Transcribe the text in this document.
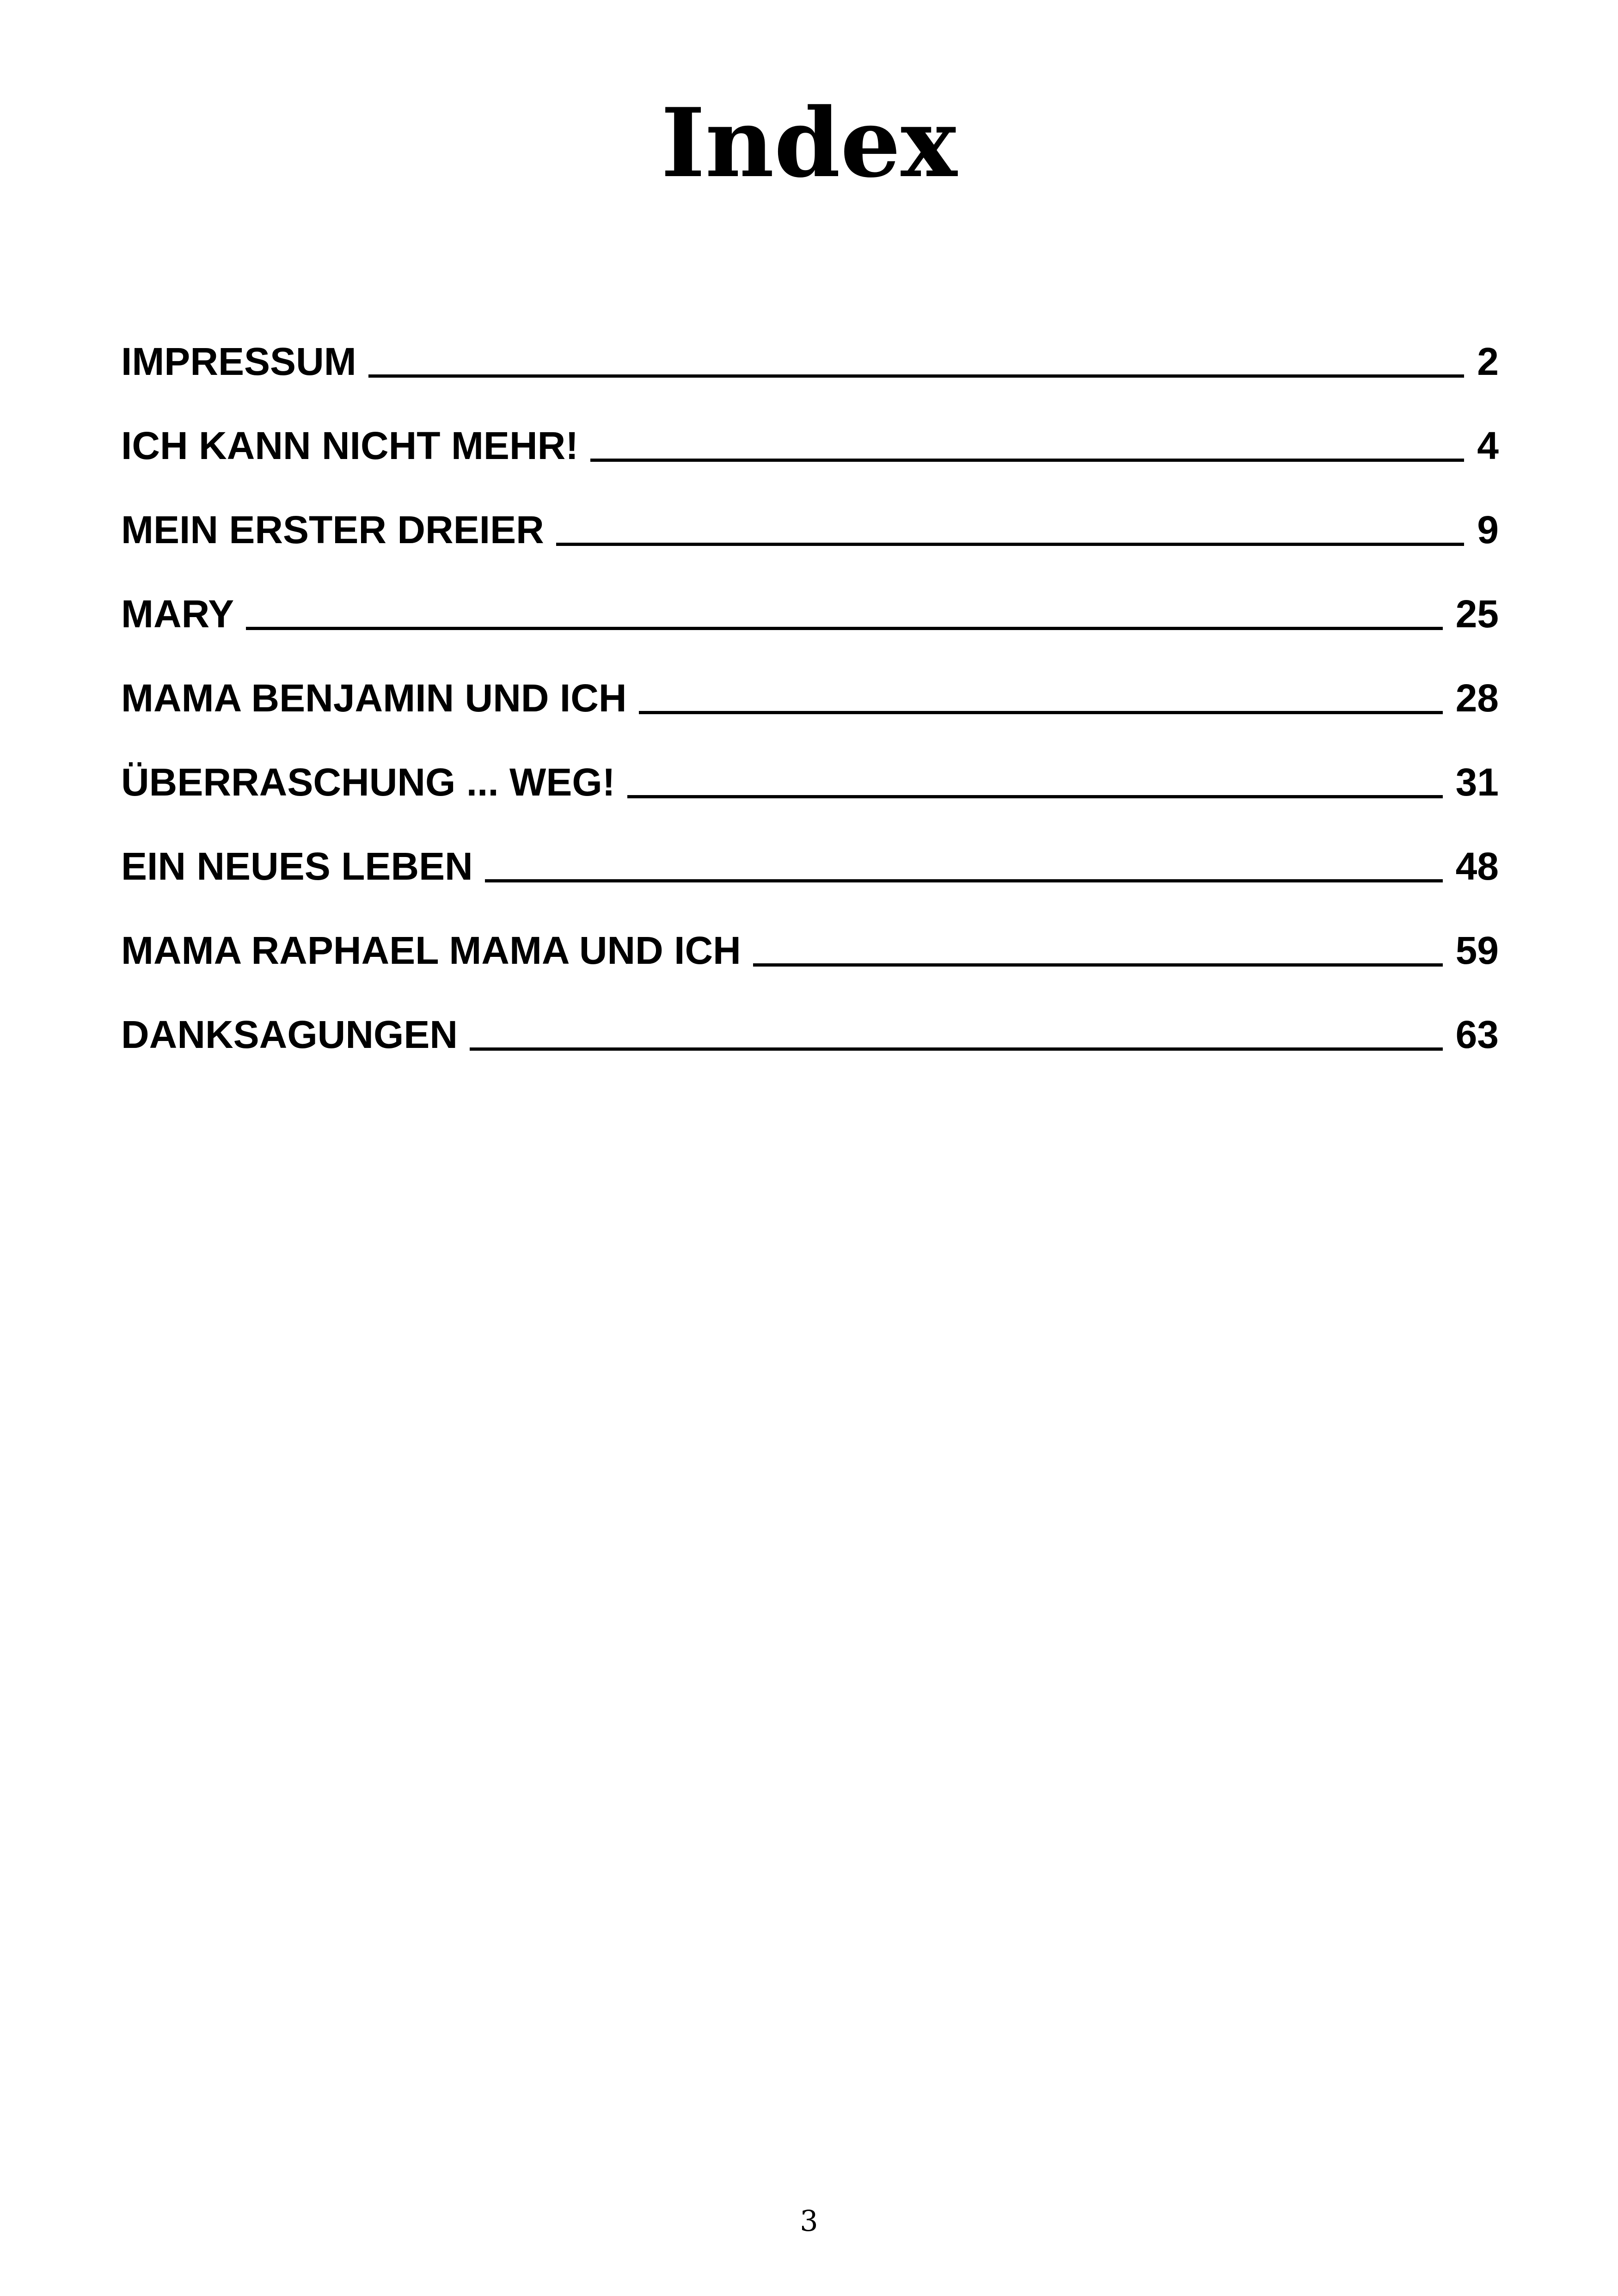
Index
IMPRESSUM	2
ICH KANN NICHT MEHR!	4
MEIN ERSTER DREIER	9
MARY	25
MAMA BENJAMIN UND ICH	28
ÜBERRASCHUNG ... WEG!	31
EIN NEUES LEBEN	48
MAMA RAPHAEL MAMA UND ICH	59
DANKSAGUNGEN	63
3
